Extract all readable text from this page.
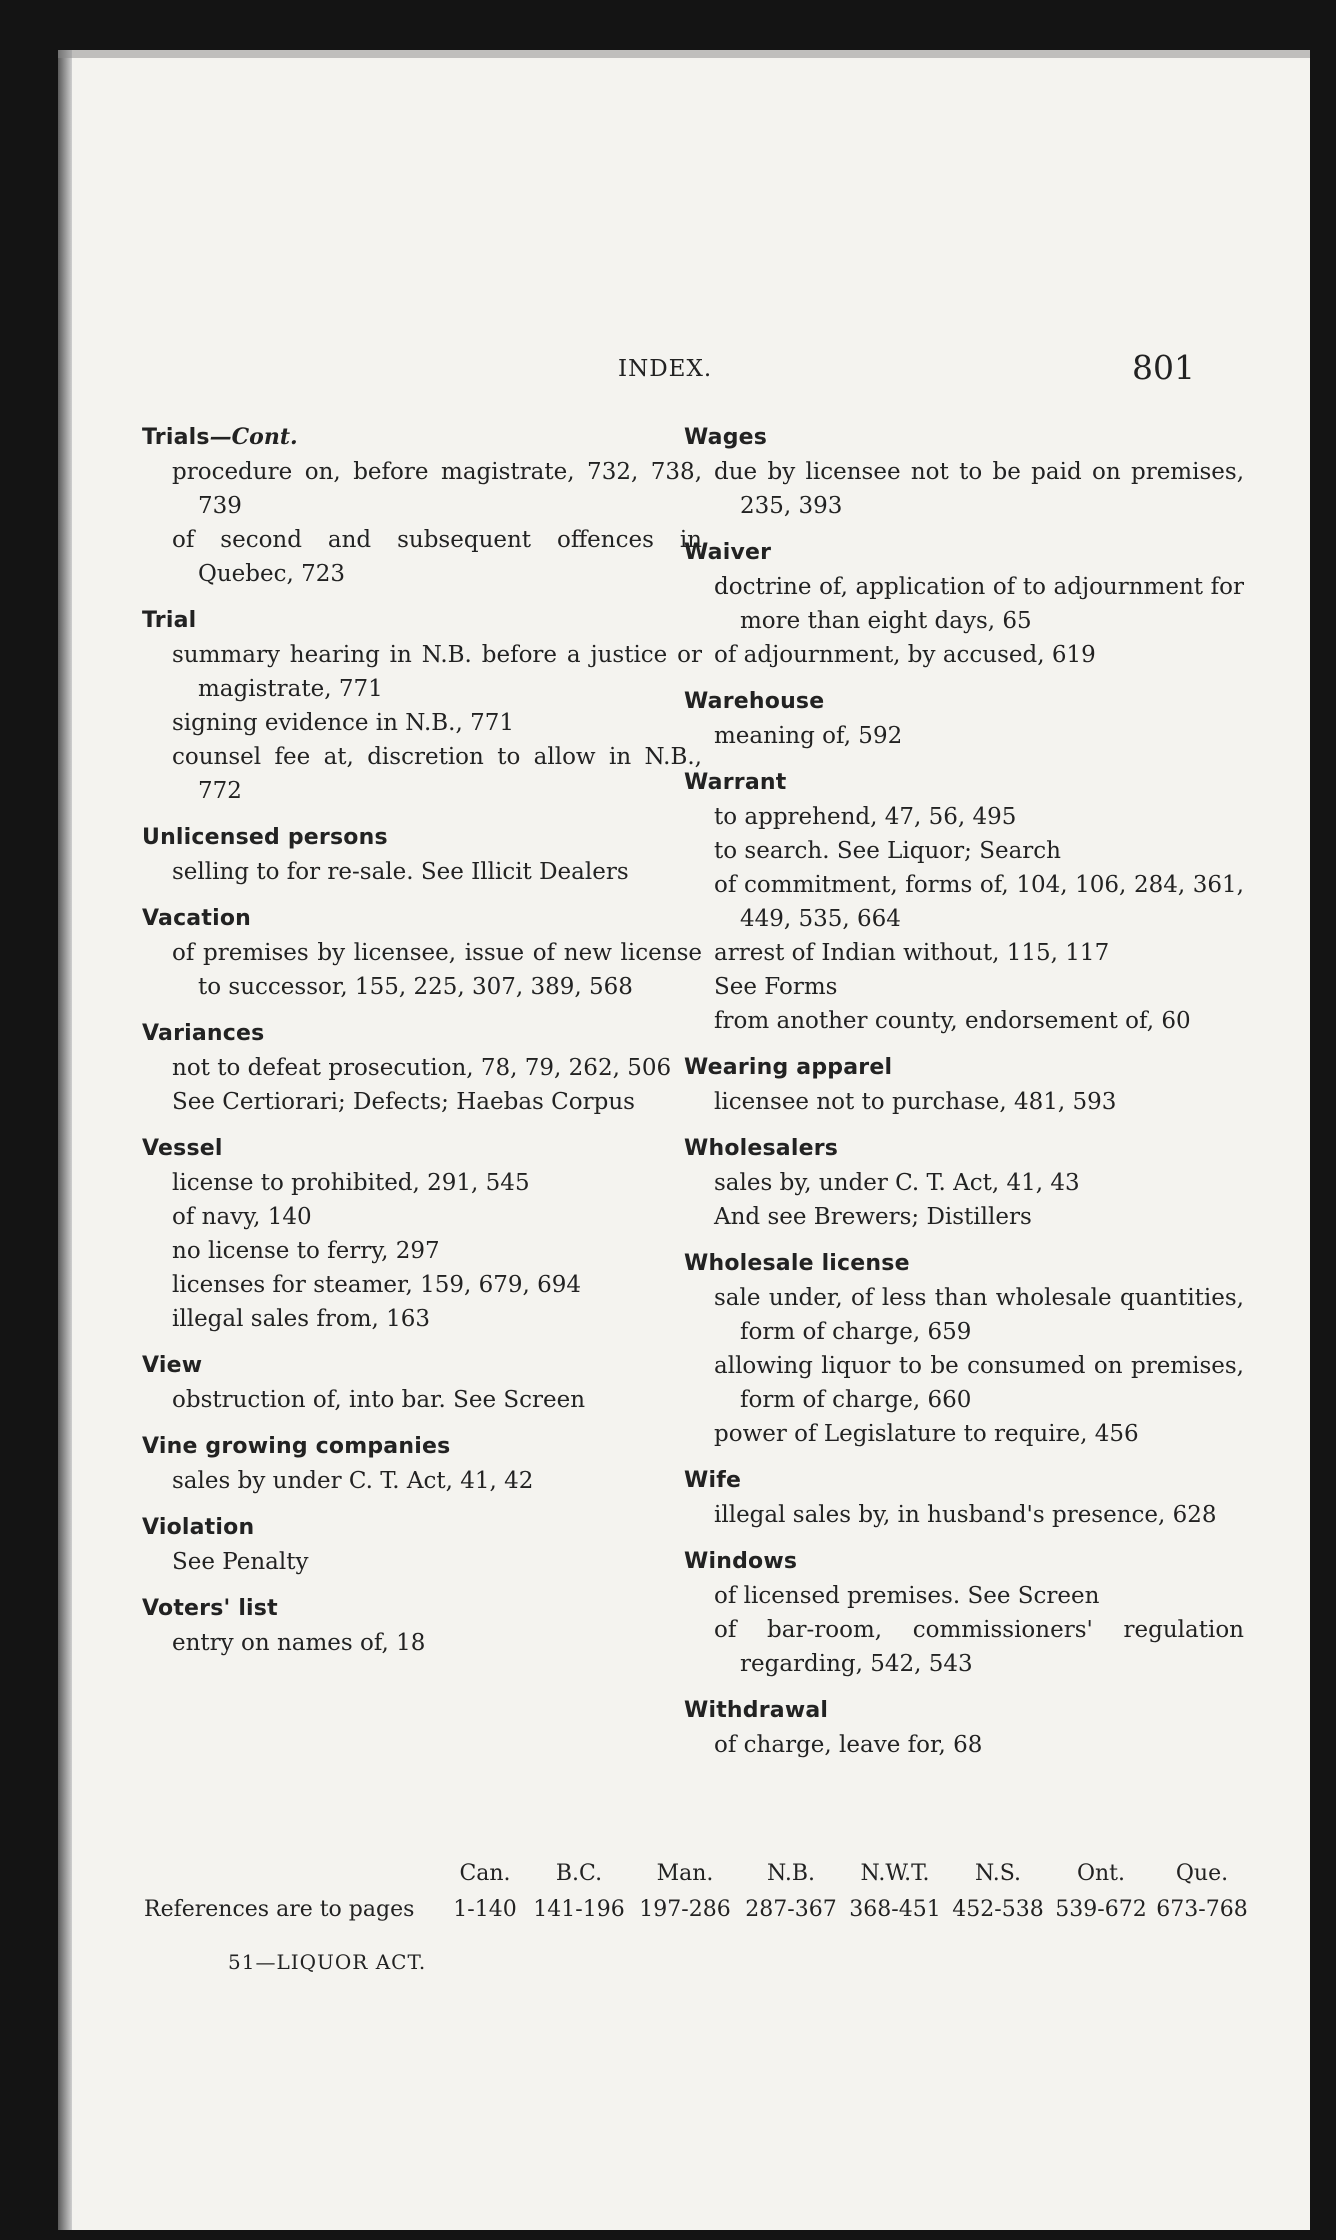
INDEX.	801
Trials—Cont.
procedure on, before magistrate, 732, 738, 739
of second and subsequent offences in Quebec, 723
Trial
summary hearing in N.B. before a justice or magistrate, 771
signing evidence in N.B., 771
counsel fee at, discretion to allow in N.B., 772
Unlicensed persons
selling to for re-sale. See Illicit Dealers
Vacation
of premises by licensee, issue of new license to successor, 155, 225, 307, 389, 568
Variances
not to defeat prosecution, 78, 79, 262, 506
See Certiorari; Defects; Haebas Corpus
Vessel
license to prohibited, 291, 545
of navy, 140
no license to ferry, 297
licenses for steamer, 159, 679, 694
illegal sales from, 163
View
obstruction of, into bar. See Screen
Vine growing companies
sales by under C. T. Act, 41, 42
Violation
See Penalty
Voters' list
entry on names of, 18
Wages
due by licensee not to be paid on premises, 235, 393
Waiver
doctrine of, application of to adjournment for more than eight days, 65
of adjournment, by accused, 619
Warehouse
meaning of, 592
Warrant
to apprehend, 47, 56, 495
to search. See Liquor; Search
of commitment, forms of, 104, 106, 284, 361, 449, 535, 664
arrest of Indian without, 115, 117
See Forms
from another county, endorsement of, 60
Wearing apparel
licensee not to purchase, 481, 593
Wholesalers
sales by, under C. T. Act, 41, 43
And see Brewers; Distillers
Wholesale license
sale under, of less than wholesale quantities, form of charge, 659
allowing liquor to be consumed on premises, form of charge, 660
power of Legislature to require, 456
Wife
illegal sales by, in husband's presence, 628
Windows
of licensed premises. See Screen
of bar-room, commissioners' regulation regarding, 542, 543
Withdrawal
of charge, leave for, 68
Can.	B.C.	Man.	N.B.	N.W.T.	N.S.	Ont.	Que.
References are to pages	1-140 141-196 197-286 287-367 368-451 452-538 539-672 673-768
51—LIQUOR ACT.
